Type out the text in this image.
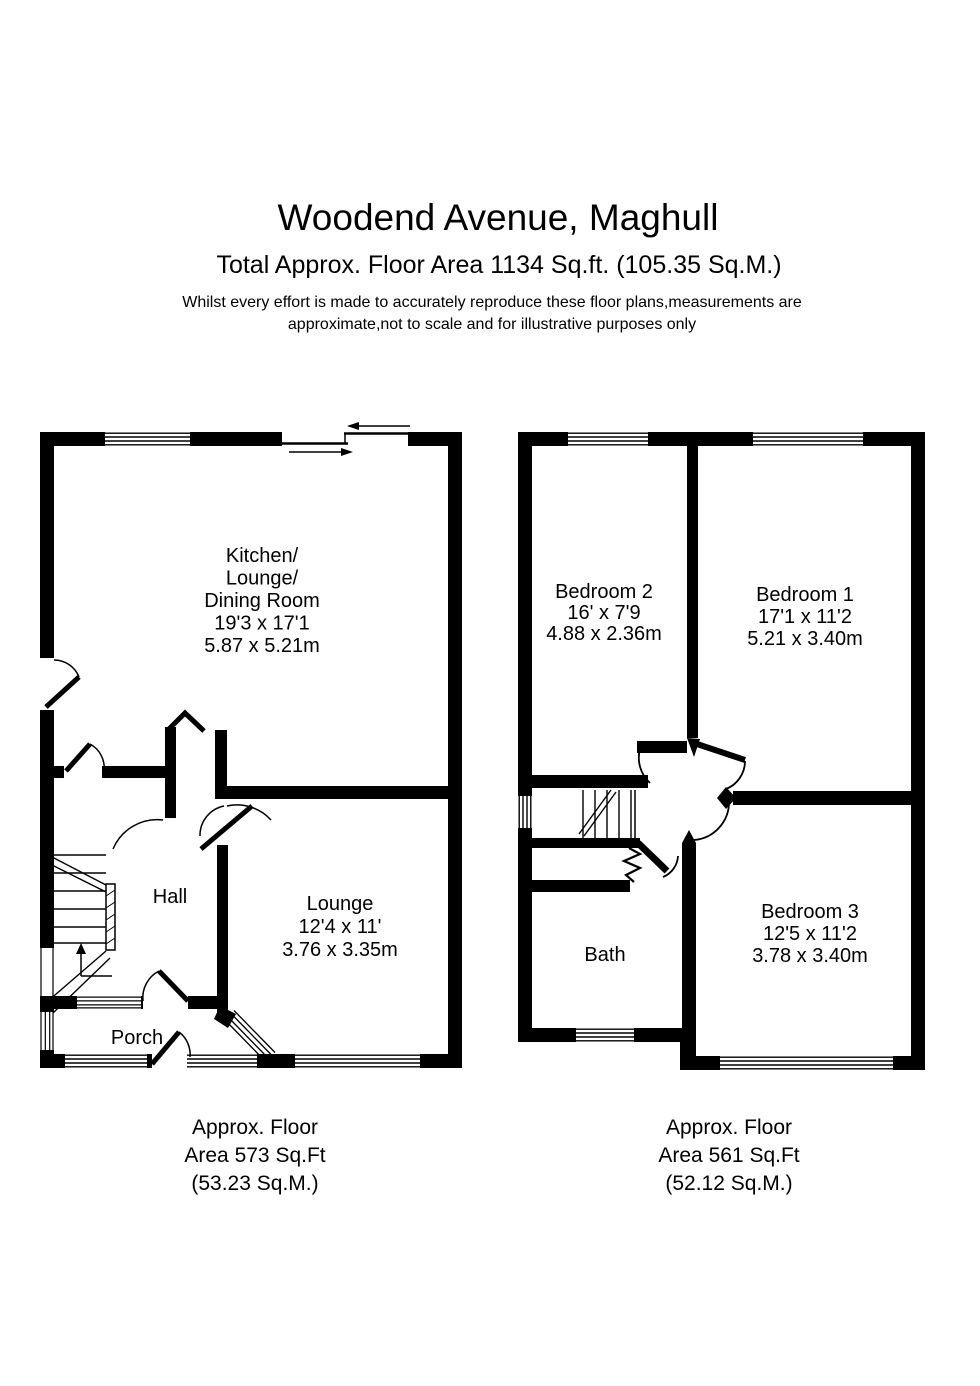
Woodend Avenue, Maghull
Total Approx. Floor Area 1134 Sq.ft. (105.35 Sq.M.)
Whilst every effort is made to accurately reproduce these floor plans,measurements are
approximate,not to scale and for illustrative purposes only
Kitchen/
Lounge/
Dining Room
19'3 x 17'1
5.87 x 5.21m
Hall	Lounge
12'4 x 11'
3.76 x 3.35m
Porch
Approx. Floor
Area 573 Sq.Ft
(53.23 Sq.M.)
Bedroom 2
16' x 7'9
4.88 x 2.36m
Bedroom 1
17'1 x 11'2
5.21 x 3.40m
Bedroom 3
12'5 x 11'2
3.78 x 3.40m
Bath
Approx. Floor
Area 561 Sq.Ft
(52.12 Sq.M.)
